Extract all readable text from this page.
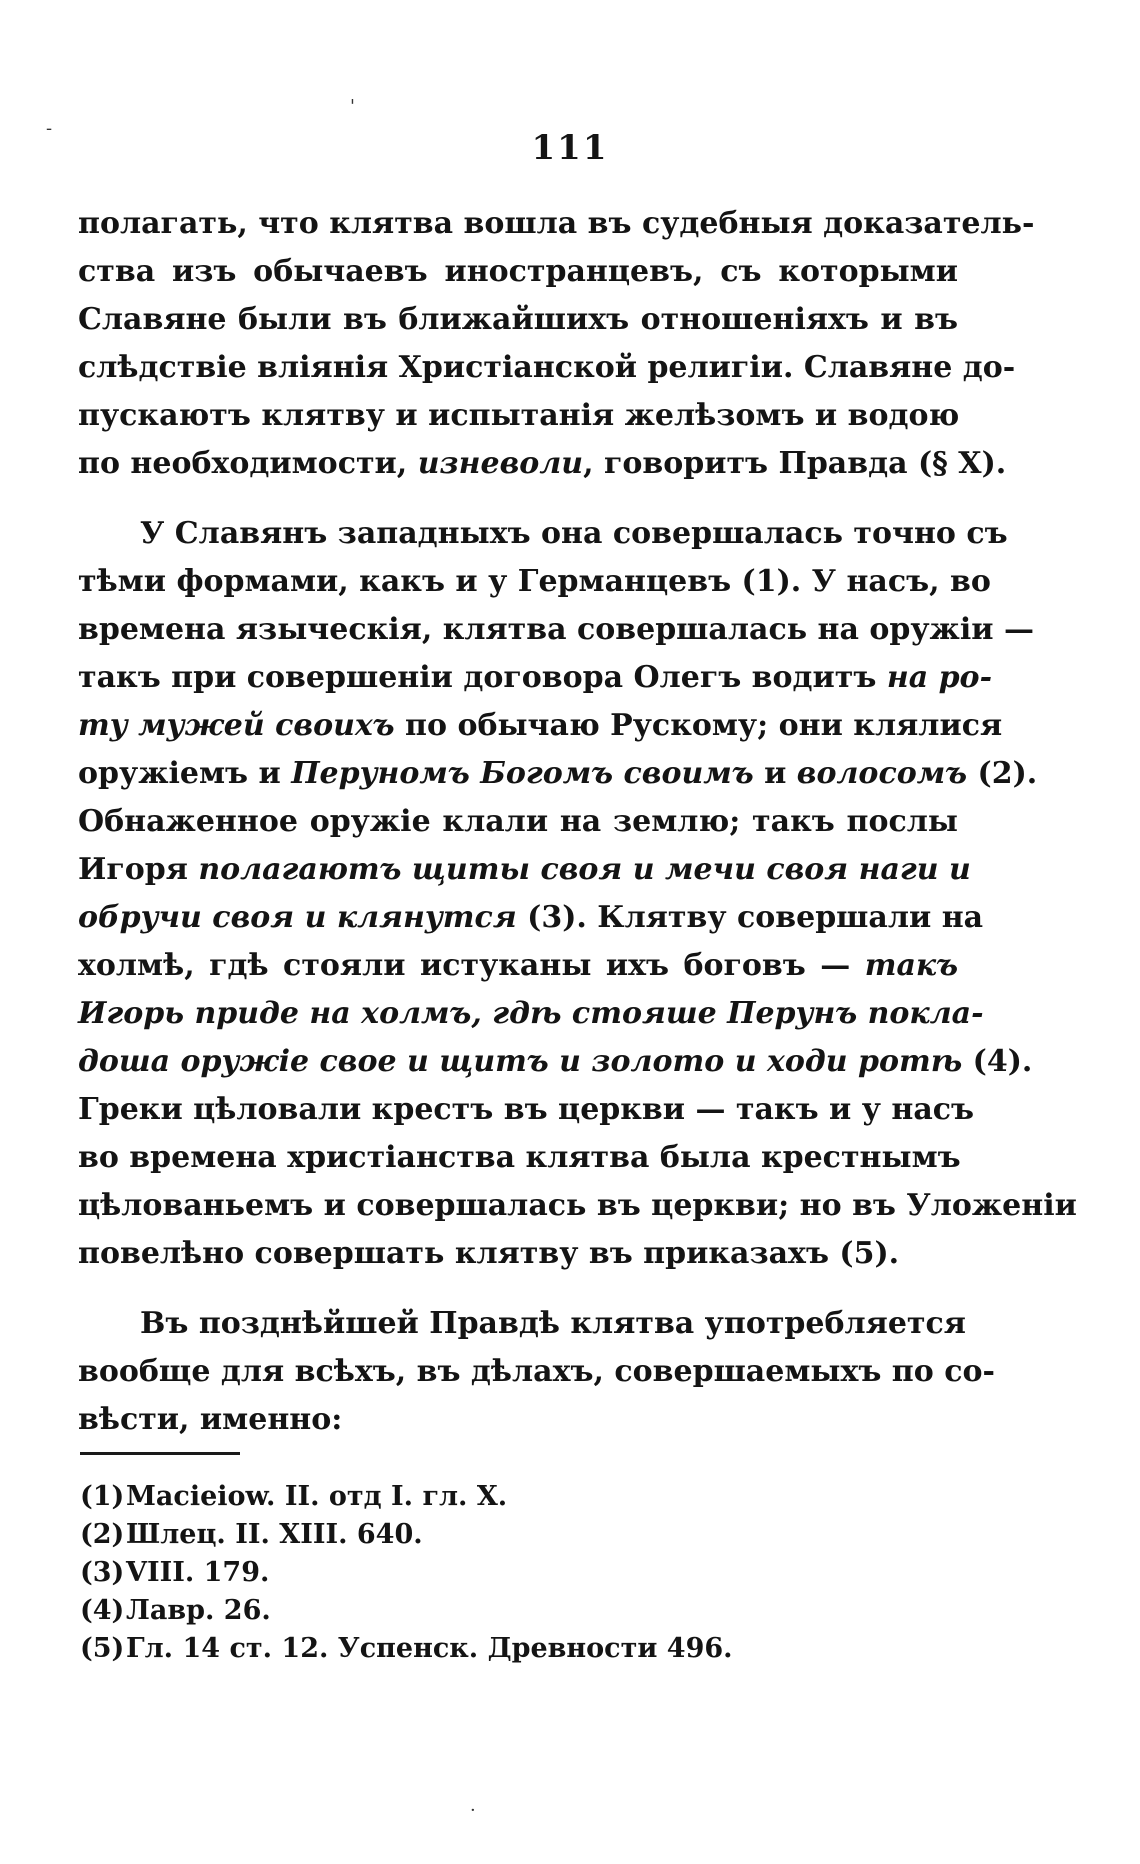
111
полагать, что клятва вошла въ судебныя доказатель-
ства изъ обычаевъ иностранцевъ, съ которыми
Славяне были въ ближайшихъ отношеніяхъ и въ
слѣдствіе вліянія Христіанской религіи. Славяне до-
пускаютъ клятву и испытанія желѣзомъ и водою
по необходимости, изневоли, говоритъ Правда (§ X).
У Славянъ западныхъ она совершалась точно съ
тѣми формами, какъ и у Германцевъ (1). У насъ, во
времена языческія, клятва совершалась на оружіи —
такъ при совершеніи договора Олегъ водитъ на ро-
ту мужей своихъ по обычаю Рускому; они клялися
оружіемъ и Перуномъ Богомъ своимъ и волосомъ (2).
Обнаженное оружіе клали на землю; такъ послы
Игоря полагаютъ щиты своя и мечи своя наги и
обручи своя и клянутся (3). Клятву совершали на
холмѣ, гдѣ стояли истуканы ихъ боговъ — такъ
Игорь приде на холмъ, гдѣ стояше Перунъ покла-
доша оружіе свое и щитъ и золото и ходи ротѣ (4).
Греки цѣловали крестъ въ церкви — такъ и у насъ
во времена христіанства клятва была крестнымъ
цѣлованьемъ и совершалась въ церкви; но въ Уложеніи
повелѣно совершать клятву въ приказахъ (5).
Въ позднѣйшей Правдѣ клятва употребляется
вообще для всѣхъ, въ дѣлахъ, совершаемыхъ по со-
вѣсти, именно:
(1)Macieiow. II. отд I. гл. X.
(2)Шлец. II. XIII. 640.
(3)VIII. 179.
(4)Лавр. 26.
(5)Гл. 14 ст. 12. Успенск. Древности 496.
'
-
·
